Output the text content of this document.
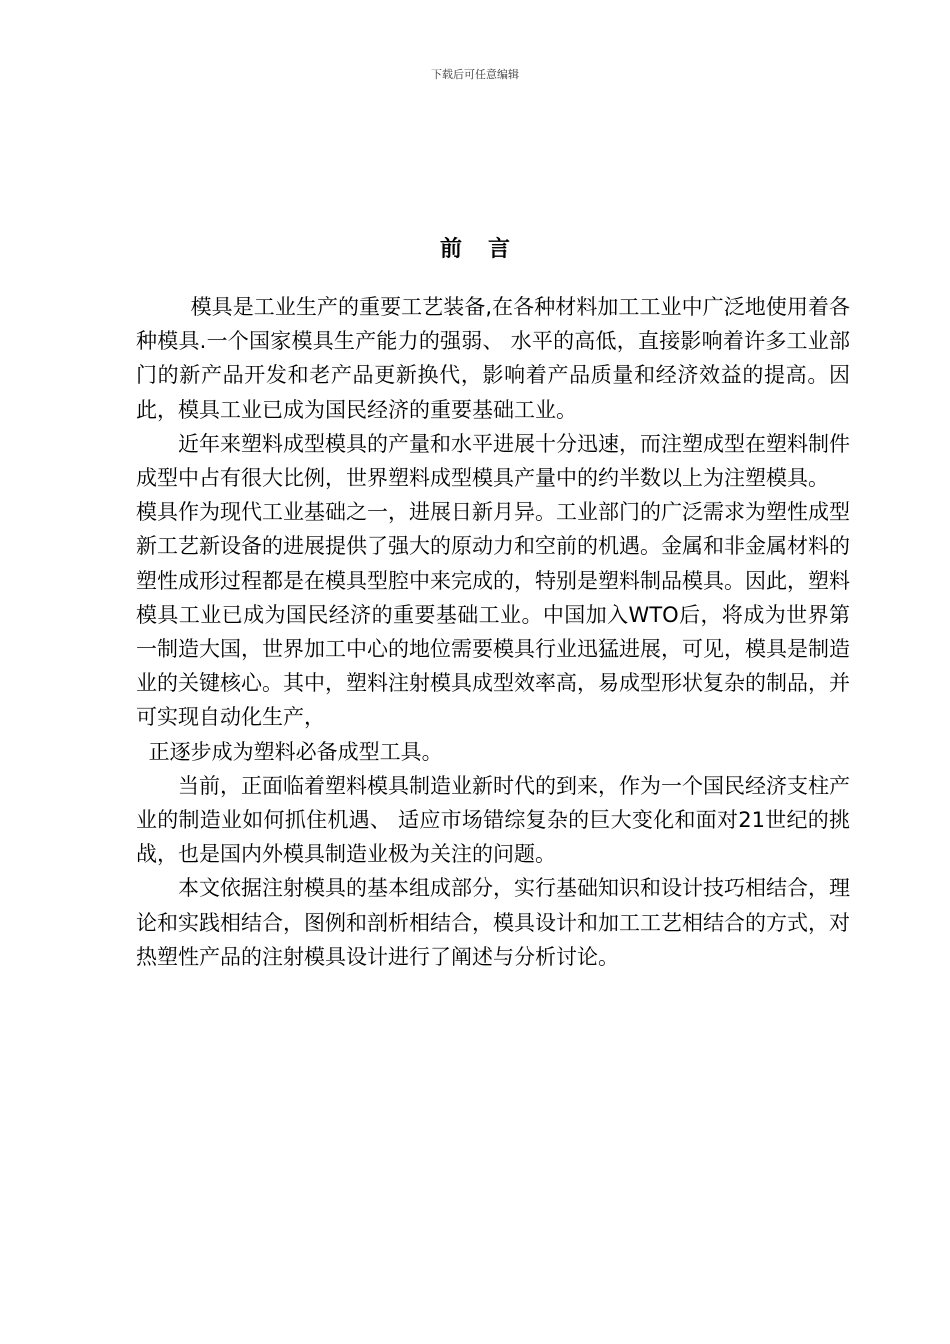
下载后可任意编辑
前言

模具是工业生产的重要工艺装备,在各种材料加工工业中广泛地使用着各种模具.一个国家模具生产能力的强弱、 水平的高低，直接影响着许多工业部门的新产品开发和老产品更新换代，影响着产品质量和经济效益的提高。因此，模具工业已成为国民经济的重要基础工业。

近年来塑料成型模具的产量和水平进展十分迅速，而注塑成型在塑料制件成型中占有很大比例，世界塑料成型模具产量中的约半数以上为注塑模具。

模具作为现代工业基础之一，进展日新月异。工业部门的广泛需求为塑性成型新工艺新设备的进展提供了强大的原动力和空前的机遇。金属和非金属材料的塑性成形过程都是在模具型腔中来完成的，特别是塑料制品模具。因此，塑料模具工业已成为国民经济的重要基础工业。中国加入WTO后，将成为世界第一制造大国，世界加工中心的地位需要模具行业迅猛进展，可见，模具是制造业的关键核心。其中，塑料注射模具成型效率高，易成型形状复杂的制品，并可实现自动化生产，

正逐步成为塑料必备成型工具。

当前，正面临着塑料模具制造业新时代的到来，作为一个国民经济支柱产业的制造业如何抓住机遇、 适应市场错综复杂的巨大变化和面对21世纪的挑战，也是国内外模具制造业极为关注的问题。

本文依据注射模具的基本组成部分，实行基础知识和设计技巧相结合，理论和实践相结合，图例和剖析相结合，模具设计和加工工艺相结合的方式，对热塑性产品的注射模具设计进行了阐述与分析讨论。
